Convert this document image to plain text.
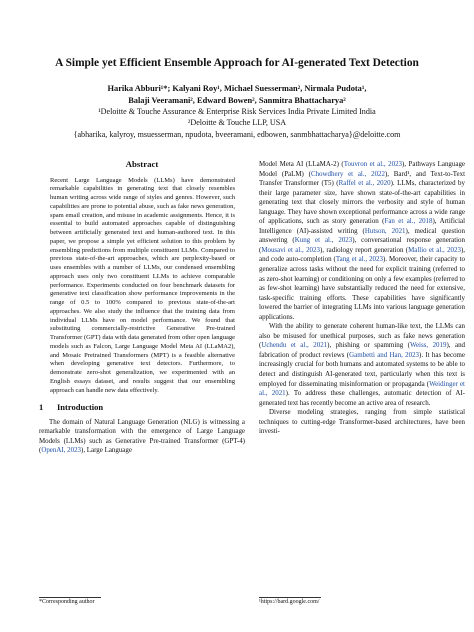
A Simple yet Efficient Ensemble Approach for AI-generated Text Detection
Harika Abburi¹*; Kalyani Roy¹, Michael Suesserman², Nirmala Pudota¹,
Balaji Veeramani², Edward Bowen², Sanmitra Bhattacharya²
¹Deloitte & Touche Assurance & Enterprise Risk Services India Private Limited India
²Deloitte & Touche LLP, USA
{abharika, kalyroy, msuesserman, npudota, bveeramani, edbowen, sanmbhattacharya}@deloitte.com
Abstract
Recent Large Language Models (LLMs) have demonstrated remarkable capabilities in generating text that closely resembles human writing across wide range of styles and genres. However, such capabilities are prone to potential abuse, such as fake news generation, spam email creation, and misuse in academic assignments. Hence, it is essential to build automated approaches capable of distinguishing between artificially generated text and human-authored text. In this paper, we propose a simple yet efficient solution to this problem by ensembling predictions from multiple constituent LLMs. Compared to previous state-of-the-art approaches, which are perplexity-based or uses ensembles with a number of LLMs, our condensed ensembling approach uses only two constituent LLMs to achieve comparable performance. Experiments conducted on four benchmark datasets for generative text classification show performance improvements in the range of 0.5 to 100% compared to previous state-of-the-art approaches. We also study the influence that the training data from individual LLMs have on model performance. We found that substituting commercially-restrictive Generative Pre-trained Transformer (GPT) data with data generated from other open language models such as Falcon, Large Language Model Meta AI (LLaMA2), and Mosaic Pretrained Transformers (MPT) is a feasible alternative when developing generative text detectors. Furthermore, to demonstrate zero-shot generalization, we experimented with an English essays dataset, and results suggest that our ensembling approach can handle new data effectively.
1 Introduction

The domain of Natural Language Generation (NLG) is witnessing a remarkable transformation with the emergence of Large Language Models (LLMs) such as Generative Pre-trained Transformer (GPT-4) (OpenAI, 2023), Large Language

*Corresponding author

Model Meta AI (LLaMA-2) (Touvron et al., 2023), Pathways Language Model (PaLM) (Chowdhery et al., 2022), Bard¹, and Text-to-Text Transfer Transformer (T5) (Raffel et al., 2020). LLMs, characterized by their large parameter size, have shown state-of-the-art capabilities in generating text that closely mirrors the verbosity and style of human language. They have shown exceptional performance across a wide range of applications, such as story generation (Fan et al., 2018), Artificial Intelligence (AI)-assisted writing (Hutson, 2021), medical question answering (Kung et al., 2023), conversational response generation (Mousavi et al., 2023), radiology report generation (Mallio et al., 2023), and code auto-completion (Tang et al., 2023). Moreover, their capacity to generalize across tasks without the need for explicit training (referred to as zero-shot learning) or conditioning on only a few examples (referred to as few-shot learning) have substantially reduced the need for extensive, task-specific training efforts. These capabilities have significantly lowered the barrier of integrating LLMs into various language generation applications.

With the ability to generate coherent human-like text, the LLMs can also be misused for unethical purposes, such as fake news generation (Uchendu et al., 2021), phishing or spamming (Weiss, 2019), and fabrication of product reviews (Gambetti and Han, 2023). It has become increasingly crucial for both humans and automated systems to be able to detect and distinguish AI-generated text, particularly when this text is employed for disseminating misinformation or propaganda (Weidinger et al., 2021). To address these challenges, automatic detection of AI-generated text has recently become an active area of research.

Diverse modeling strategies, ranging from simple statistical techniques to cutting-edge Transformer-based architectures, have been investi-

¹https://bard.google.com/
